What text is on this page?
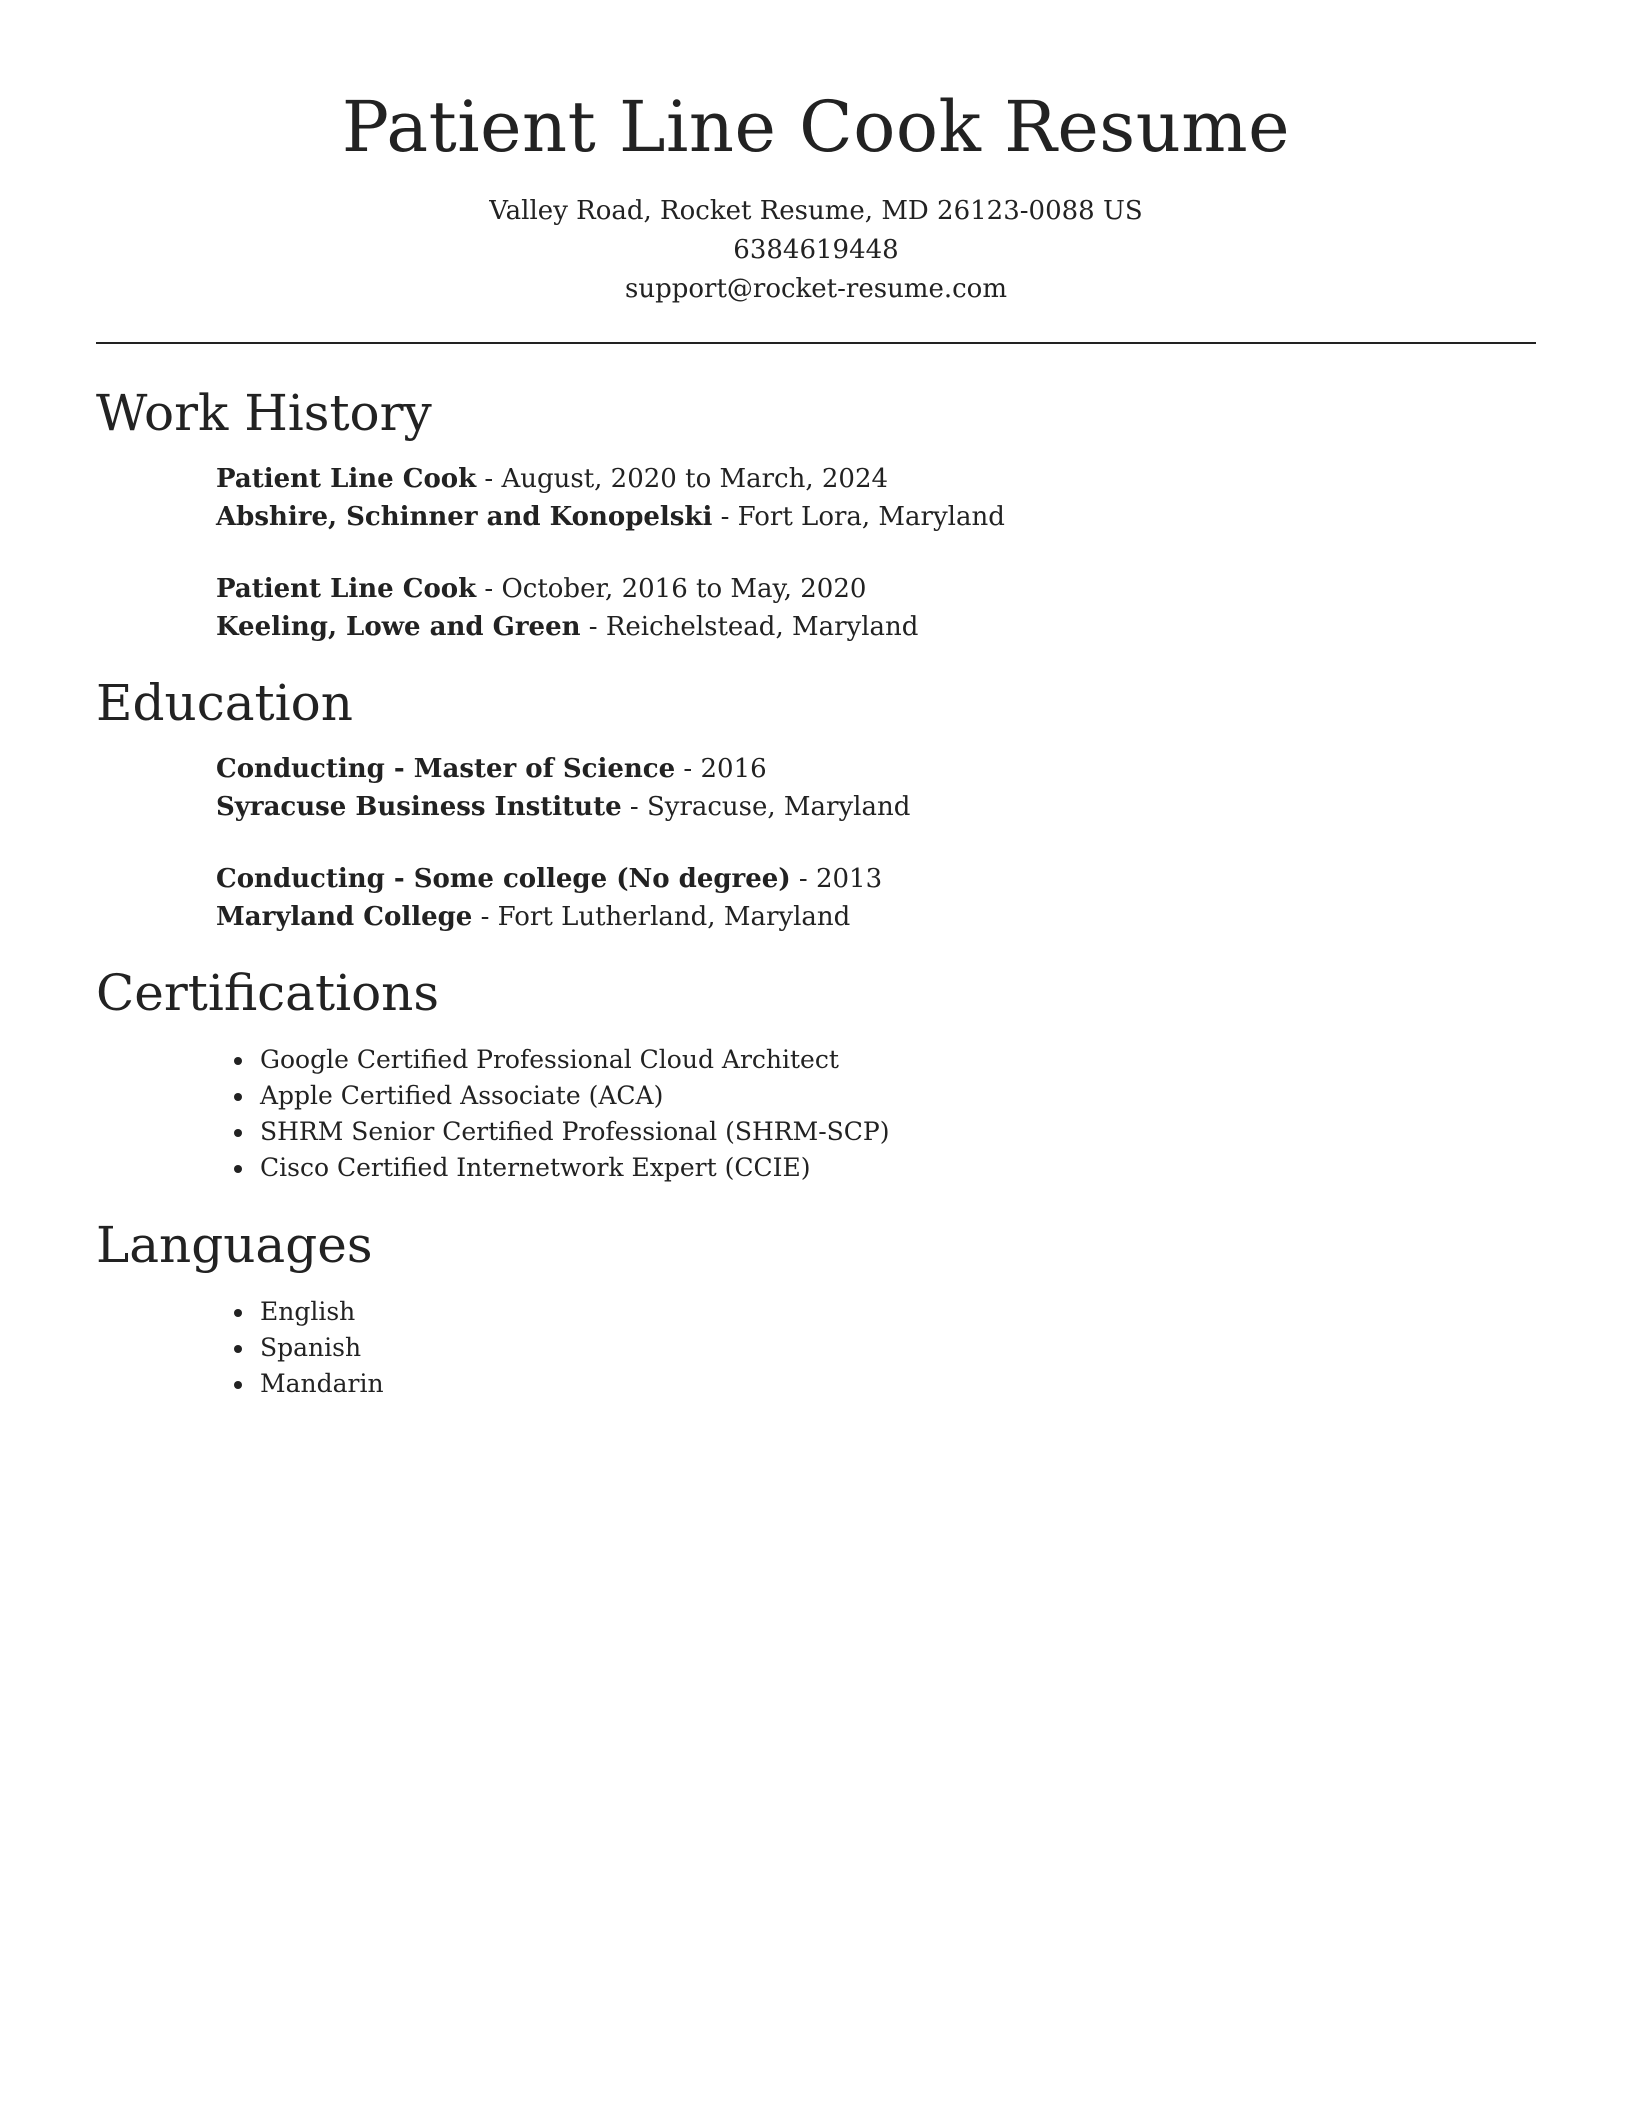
Patient Line Cook Resume
Valley Road, Rocket Resume, MD 26123-0088 US
6384619448
support@rocket-resume.com
Work History
Patient Line Cook - August, 2020 to March, 2024
Abshire, Schinner and Konopelski - Fort Lora, Maryland
Patient Line Cook - October, 2016 to May, 2020
Keeling, Lowe and Green - Reichelstead, Maryland
Education
Conducting - Master of Science - 2016
Syracuse Business Institute - Syracuse, Maryland
Conducting - Some college (No degree) - 2013
Maryland College - Fort Lutherland, Maryland
Certifications
Google Certified Professional Cloud Architect
Apple Certified Associate (ACA)
SHRM Senior Certified Professional (SHRM-SCP)
Cisco Certified Internetwork Expert (CCIE)
Languages
English
Spanish
Mandarin
